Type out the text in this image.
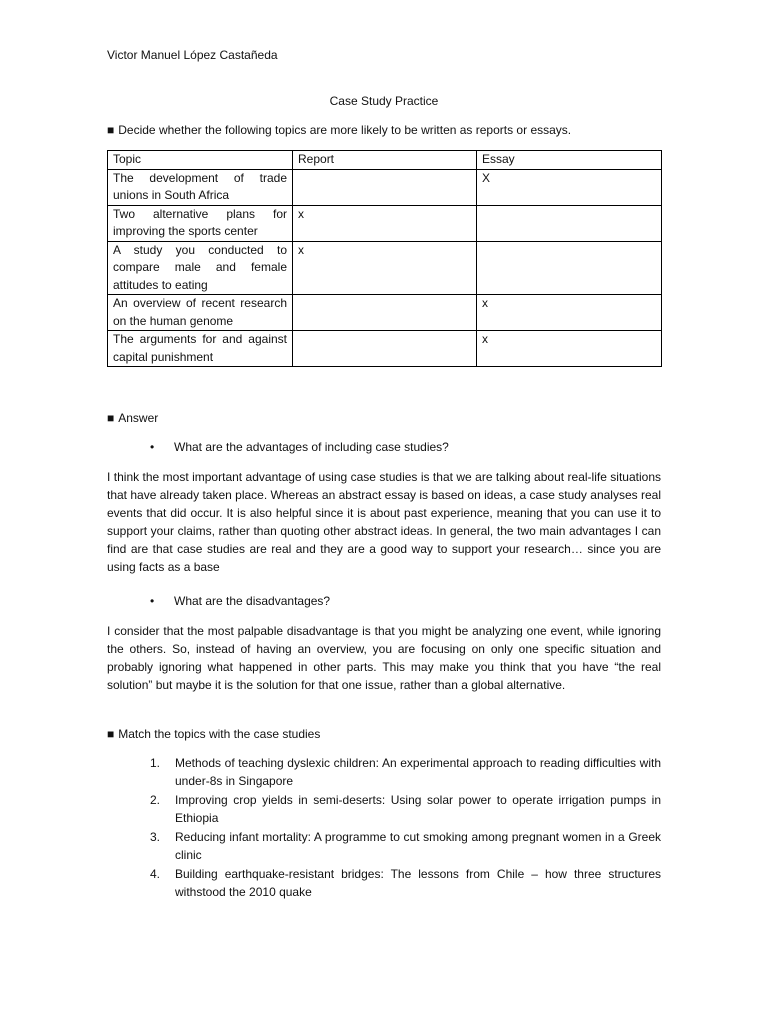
Victor Manuel López Castañeda
Case Study Practice
■ Decide whether the following topics are more likely to be written as reports or essays.
Topic	Report	Essay
The development of trade unions in South Africa		X
Two alternative plans for improving the sports center	x	
A study you conducted to compare male and female attitudes to eating	x	
An overview of recent research on the human genome		x
The arguments for and against capital punishment		x
■ Answer
• What are the advantages of including case studies?
I think the most important advantage of using case studies is that we are talking about real-life situations that have already taken place. Whereas an abstract essay is based on ideas, a case study analyses real events that did occur. It is also helpful since it is about past experience, meaning that you can use it to support your claims, rather than quoting other abstract ideas. In general, the two main advantages I can find are that case studies are real and they are a good way to support your research… since you are using facts as a base
• What are the disadvantages?
I consider that the most palpable disadvantage is that you might be analyzing one event, while ignoring the others. So, instead of having an overview, you are focusing on only one specific situation and probably ignoring what happened in other parts. This may make you think that you have “the real solution” but maybe it is the solution for that one issue, rather than a global alternative.
■ Match the topics with the case studies
1. Methods of teaching dyslexic children: An experimental approach to reading difficulties with under-8s in Singapore
2. Improving crop yields in semi-deserts: Using solar power to operate irrigation pumps in Ethiopia
3. Reducing infant mortality: A programme to cut smoking among pregnant women in a Greek clinic
4. Building earthquake-resistant bridges: The lessons from Chile – how three structures withstood the 2010 quake
